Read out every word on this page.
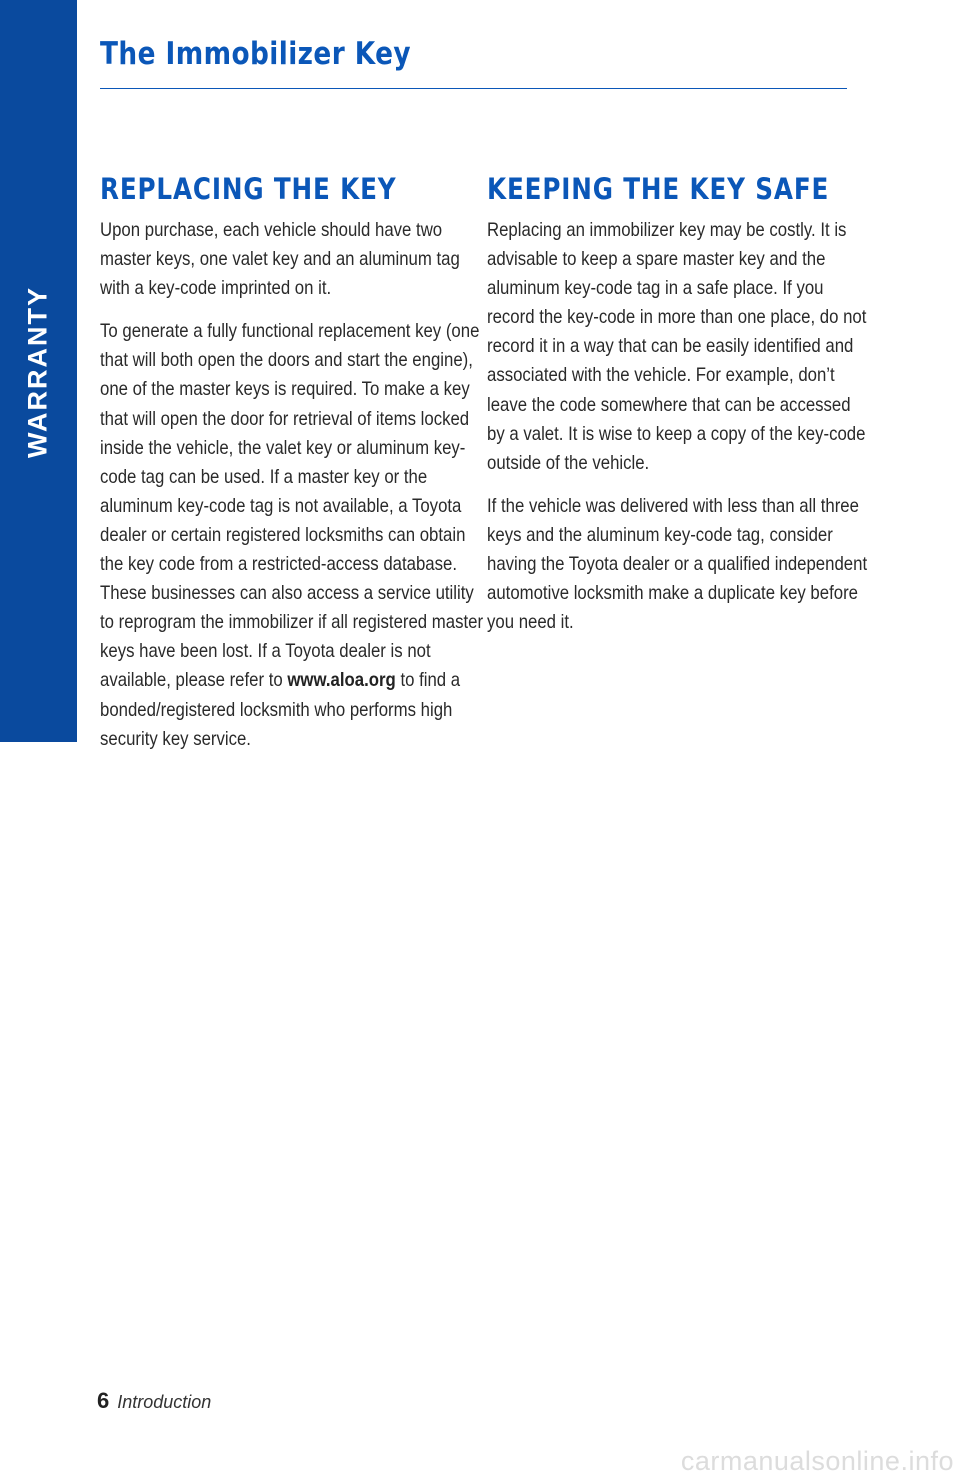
WARRANTY
The Immobilizer Key
REPLACING THE KEY

Upon purchase, each vehicle should have two master keys, one valet key and an aluminum tag with a key-code imprinted on it.

To generate a fully functional replacement key (one that will both open the doors and start the engine), one of the master keys is required. To make a key that will open the door for retrieval of items locked inside the vehicle, the valet key or aluminum key-code tag can be used. If a master key or the aluminum key-code tag is not available, a Toyota dealer or certain registered locksmiths can obtain the key code from a restricted-access database. These businesses can also access a service utility to reprogram the immobilizer if all registered master keys have been lost. If a Toyota dealer is not available, please refer to www.aloa.org to find a bonded/registered locksmith who performs high security key service.

KEEPING THE KEY SAFE

Replacing an immobilizer key may be costly. It is advisable to keep a spare master key and the aluminum key-code tag in a safe place. If you record the key-code in more than one place, do not record it in a way that can be easily identified and associated with the vehicle. For example, don’t leave the code somewhere that can be accessed by a valet. It is wise to keep a copy of the key-code outside of the vehicle.

If the vehicle was delivered with less than all three keys and the aluminum key-code tag, consider having the Toyota dealer or a qualified independent automotive locksmith make a duplicate key before you need it.

6 Introduction
carmanualsonline.info
